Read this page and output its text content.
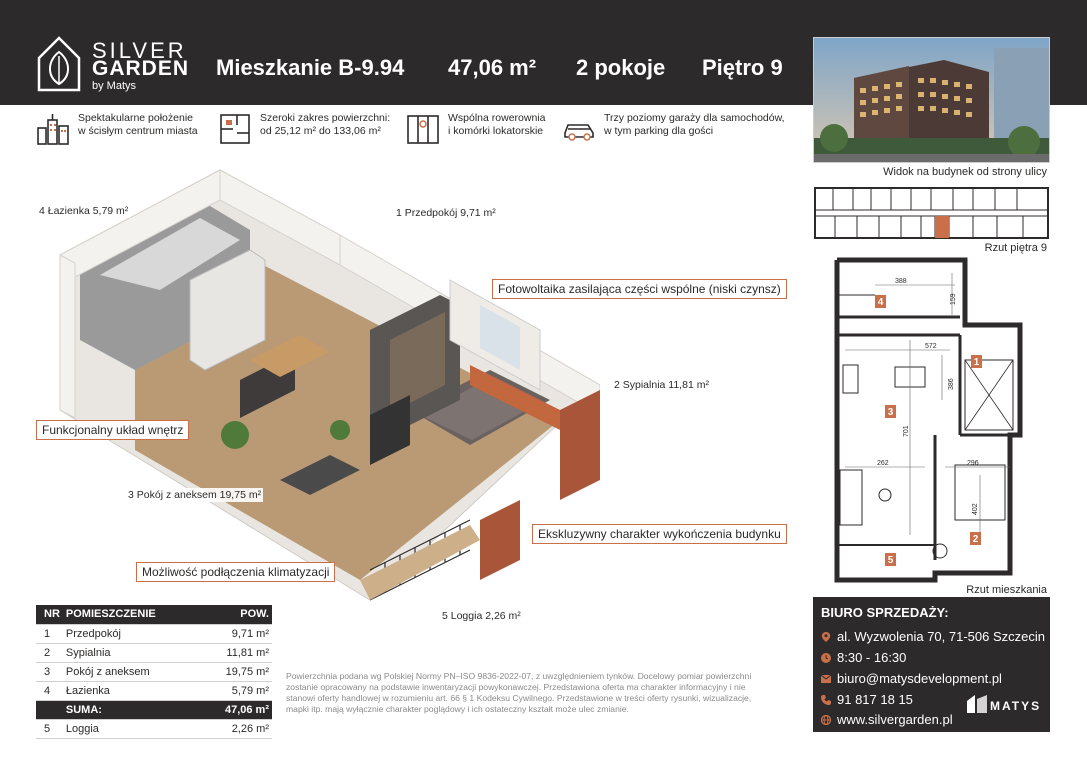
SILVER
GARDEN
by Matys
Mieszkanie B-9.94 47,06 m² 2 pokoje Piętro 9
Widok na budynek od strony ulicy
Spektakularne położenie
w ścisłym centrum miasta
Szeroki zakres powierzchni:
od 25,12 m² do 133,06 m²
Wspólna rowerownia
i komórki lokatorskie
Trzy poziomy garaży dla samochodów,
w tym parking dla gości
4 Łazienka 5,79 m²	1 Przedpokój 9,71 m²
2 Sypialnia 11,81 m²
3 Pokój z aneksem 19,75 m²
5 Loggia 2,26 m²
Fotowoltaika zasilająca części wspólne (niski czynsz)
Funkcjonalny układ wnętrz
Ekskluzywny charakter wykończenia budynku
Możliwość podłączenia klimatyzacji
Rzut piętra 9
388
159
572
386
701
262	296
402
1
2
3
4
5
Rzut mieszkania
NR	POMIESZCZENIE	POW.
1	Przedpokój	9,71 m²
2	Sypialnia	11,81 m²
3	Pokój z aneksem	19,75 m²
4	Łazienka	5,79 m²
	SUMA:	47,06 m²
5	Loggia	2,26 m²
Powierzchnia podana wg Polskiej Normy PN–ISO 9836-2022-07, z uwzględnieniem tynków. Docelowy pomiar powierzchni zostanie opracowany na podstawie inwentaryzacji powykonawczej. Przedstawiona oferta ma charakter informacyjny i nie stanowi oferty handlowej w rozumieniu art. 66 § 1 Kodeksu Cywilnego. Przedstawione w treści oferty rysunki, wizualizacje, mapki itp. mają wyłącznie charakter poglądowy i ich ostateczny kształt może ulec zmianie.
BIURO SPRZEDAŻY:
al. Wyzwolenia 70, 71-506 Szczecin
8:30 - 16:30
biuro@matysdevelopment.pl
91 817 18 15
www.silvergarden.pl
MATYS
